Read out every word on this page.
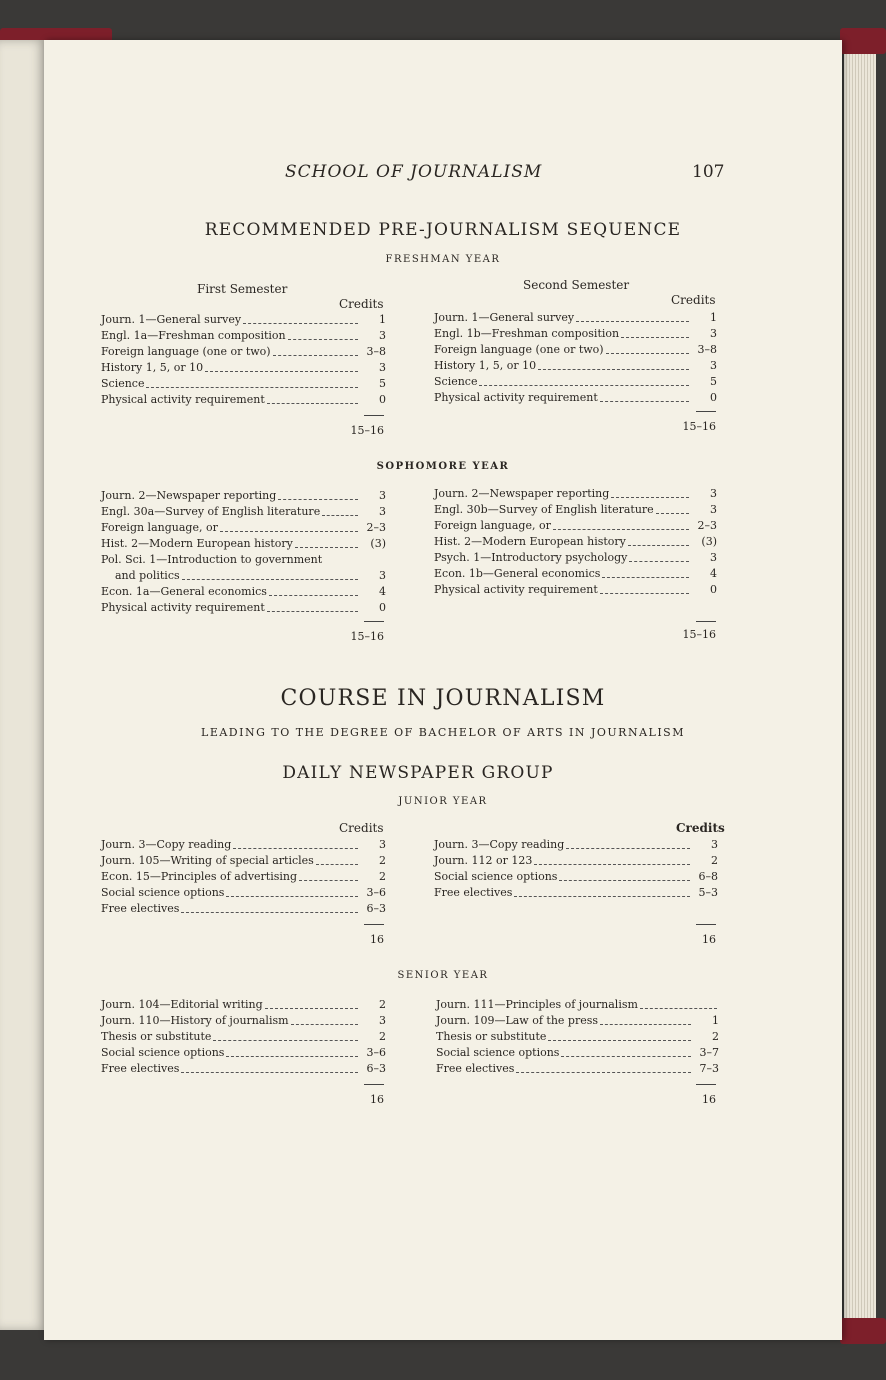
SCHOOL OF JOURNALISM	107
RECOMMENDED PRE-JOURNALISM SEQUENCE
FRESHMAN YEAR
First Semester	Second Semester
Credits	Credits
Journ. 1—General survey	1
Engl. 1a—Freshman composition	3
Foreign language (one or two)	3–8
History 1, 5, or 10	3
Science	5
Physical activity requirement	0
Journ. 1—General survey	1
Engl. 1b—Freshman composition	3
Foreign language (one or two)	3–8
History 1, 5, or 10	3
Science	5
Physical activity requirement	0
15–16	15–16
SOPHOMORE YEAR
Journ. 2—Newspaper reporting	3
Engl. 30a—Survey of English literature	3
Foreign language, or	2–3
Hist. 2—Modern European history	(3)
Pol. Sci. 1—Introduction to government
and politics	3
Econ. 1a—General economics	4
Physical activity requirement	0
Journ. 2—Newspaper reporting	3
Engl. 30b—Survey of English literature	3
Foreign language, or	2–3
Hist. 2—Modern European history	(3)
Psych. 1—Introductory psychology	3
Econ. 1b—General economics	4
Physical activity requirement	0
15–16	15–16
COURSE IN JOURNALISM
LEADING TO THE DEGREE OF BACHELOR OF ARTS IN JOURNALISM
DAILY NEWSPAPER GROUP
JUNIOR YEAR
Credits	Credits
Journ. 3—Copy reading	3
Journ. 105—Writing of special articles	2
Econ. 15—Principles of advertising	2
Social science options	3–6
Free electives	6–3
Journ. 3—Copy reading	3
Journ. 112 or 123	2
Social science options	6–8
Free electives	5–3
16	16
SENIOR YEAR
Journ. 104—Editorial writing	2
Journ. 110—History of journalism	3
Thesis or substitute	2
Social science options	3–6
Free electives	6–3
Journ. 111—Principles of journalism
Journ. 109—Law of the press	1
Thesis or substitute	2
Social science options	3–7
Free electives	7–3
16	16
